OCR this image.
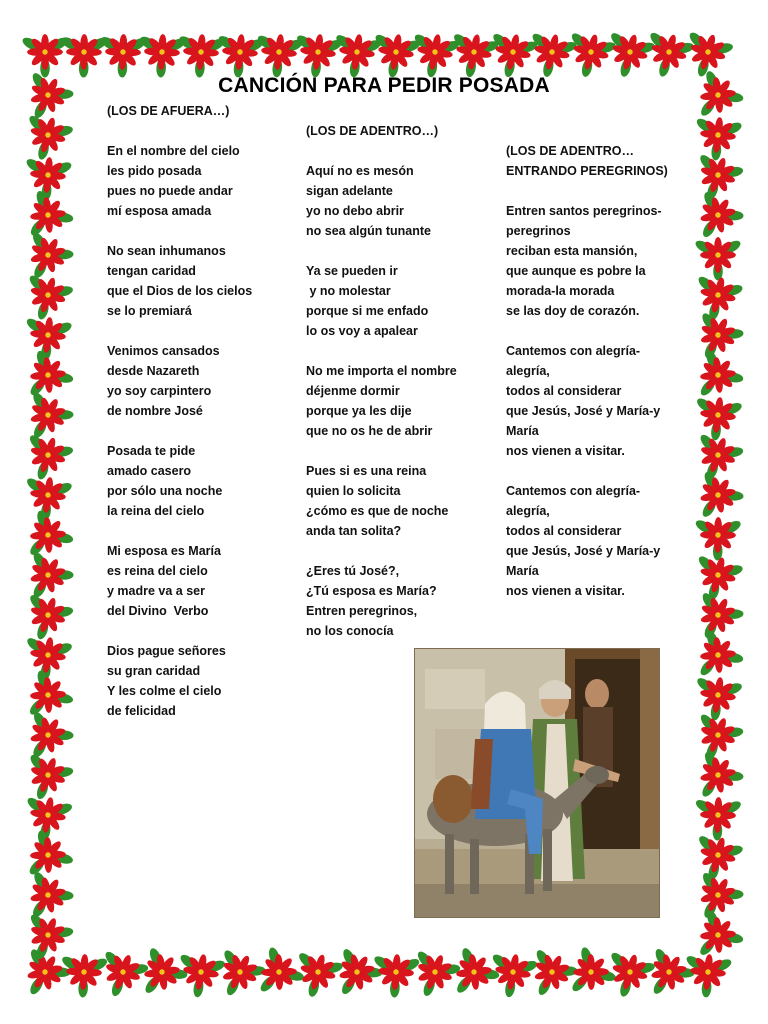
CANCIÓN PARA PEDIR POSADA
(LOS DE AFUERA…)
En el nombre del cielo
les pido posada
pues no puede andar
mí esposa amada
No sean inhumanos
tengan caridad
que el Dios de los cielos
se lo premiará
Venimos cansados
desde Nazareth
yo soy carpintero
de nombre José
Posada te pide
amado casero
por sólo una noche
la reina del cielo
Mi esposa es María
es reina del cielo
y madre va a ser
del Divino  Verbo
Dios pague señores
su gran caridad
Y les colme el cielo
de felicidad
(LOS DE ADENTRO…)
Aquí no es mesón
sigan adelante
yo no debo abrir
no sea algún tunante
Ya se pueden ir
y no molestar
porque si me enfado
lo os voy a apalear
No me importa el nombre
déjenme dormir
porque ya les dije
que no os he de abrir
Pues si es una reina
quien lo solicita
¿cómo es que de noche
anda tan solita?
¿Eres tú José?,
¿Tú esposa es María?
Entren peregrinos,
no los conocía
(LOS DE ADENTRO…
ENTRANDO PEREGRINOS)
Entren santos peregrinos-
peregrinos
reciban esta mansión,
que aunque es pobre la
morada-la morada
se las doy de corazón.
Cantemos con alegría-
alegría,
todos al considerar
que Jesús, José y María-y
María
nos vienen a visitar.
Cantemos con alegría-
alegría,
todos al considerar
que Jesús, José y María-y
María
nos vienen a visitar.
